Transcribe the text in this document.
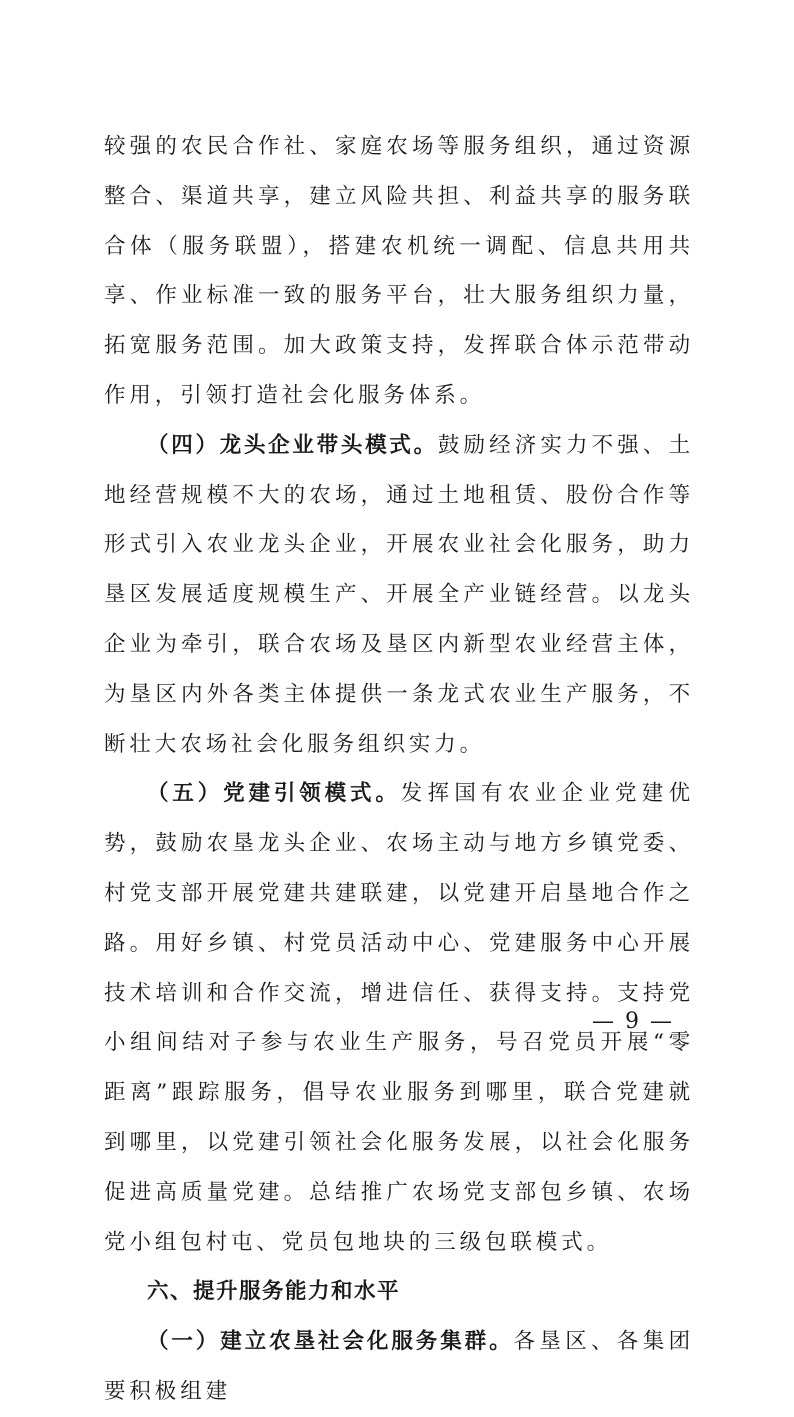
较强的农民合作社、家庭农场等服务组织，通过资源整合、渠道共享，建立风险共担、利益共享的服务联合体（服务联盟），搭建农机统一调配、信息共用共享、作业标准一致的服务平台，壮大服务组织力量，拓宽服务范围。加大政策支持，发挥联合体示范带动作用，引领打造社会化服务体系。

（四）龙头企业带头模式。鼓励经济实力不强、土地经营规模不大的农场，通过土地租赁、股份合作等形式引入农业龙头企业，开展农业社会化服务，助力垦区发展适度规模生产、开展全产业链经营。以龙头企业为牵引，联合农场及垦区内新型农业经营主体，为垦区内外各类主体提供一条龙式农业生产服务，不断壮大农场社会化服务组织实力。

（五）党建引领模式。发挥国有农业企业党建优势，鼓励农垦龙头企业、农场主动与地方乡镇党委、村党支部开展党建共建联建，以党建开启垦地合作之路。用好乡镇、村党员活动中心、党建服务中心开展技术培训和合作交流，增进信任、获得支持。支持党小组间结对子参与农业生产服务，号召党员开展“零距离”跟踪服务，倡导农业服务到哪里，联合党建就到哪里，以党建引领社会化服务发展，以社会化服务促进高质量党建。总结推广农场党支部包乡镇、农场党小组包村屯、党员包地块的三级包联模式。

六、提升服务能力和水平

（一）建立农垦社会化服务集群。各垦区、各集团要积极组建

— 9 —
